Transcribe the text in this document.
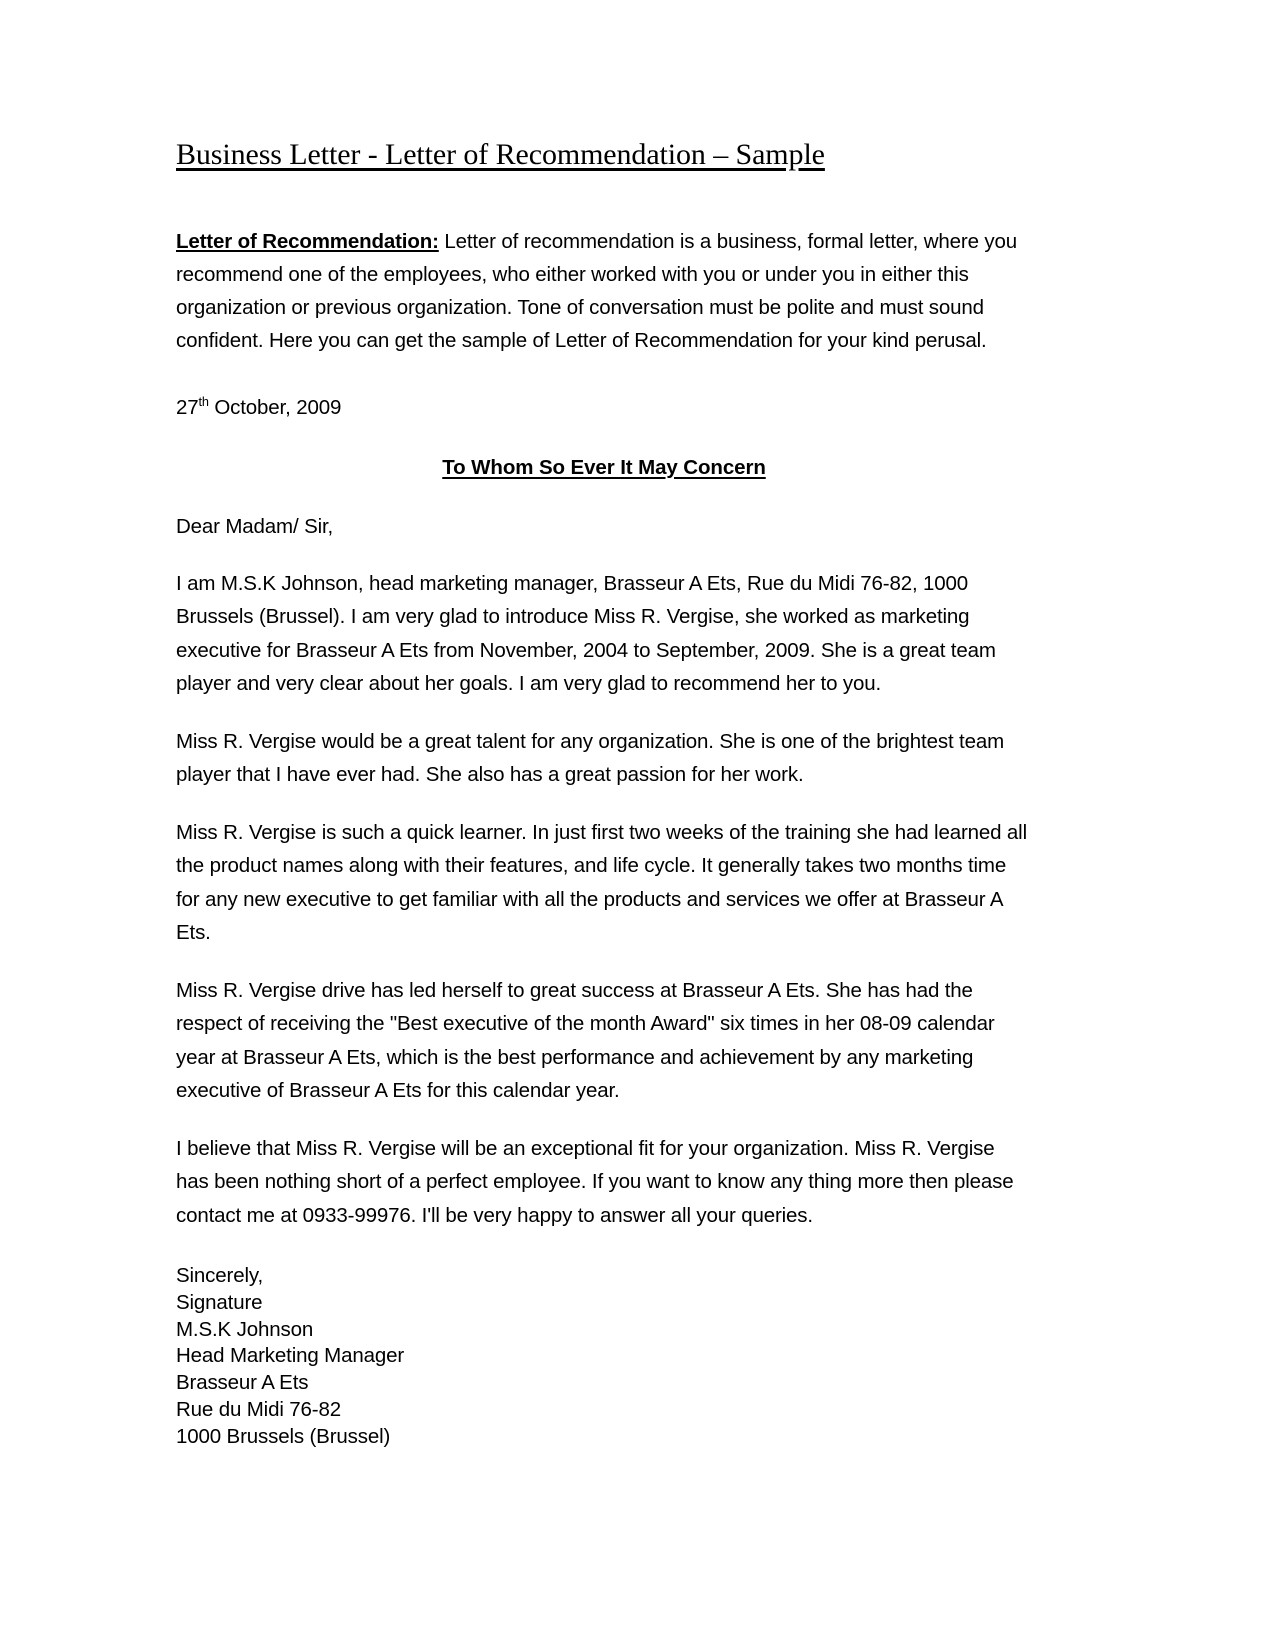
Business Letter - Letter of Recommendation – Sample

Letter of Recommendation: Letter of recommendation is a business, formal letter, where you recommend one of the employees, who either worked with you or under you in either this organization or previous organization. Tone of conversation must be polite and must sound confident. Here you can get the sample of Letter of Recommendation for your kind perusal.

27th October, 2009

To Whom So Ever It May Concern

Dear Madam/ Sir,

I am M.S.K Johnson, head marketing manager, Brasseur A Ets, Rue du Midi 76-82, 1000 Brussels (Brussel). I am very glad to introduce Miss R. Vergise, she worked as marketing executive for Brasseur A Ets from November, 2004 to September, 2009. She is a great team player and very clear about her goals. I am very glad to recommend her to you.

Miss R. Vergise would be a great talent for any organization. She is one of the brightest team player that I have ever had. She also has a great passion for her work.

Miss R. Vergise is such a quick learner. In just first two weeks of the training she had learned all the product names along with their features, and life cycle. It generally takes two months time for any new executive to get familiar with all the products and services we offer at Brasseur A Ets.

Miss R. Vergise drive has led herself to great success at Brasseur A Ets. She has had the respect of receiving the "Best executive of the month Award" six times in her 08-09 calendar year at Brasseur A Ets, which is the best performance and achievement by any marketing executive of Brasseur A Ets for this calendar year.

I believe that Miss R. Vergise will be an exceptional fit for your organization. Miss R. Vergise has been nothing short of a perfect employee. If you want to know any thing more then please contact me at 0933-99976. I'll be very happy to answer all your queries.

Sincerely,
Signature
M.S.K Johnson
Head Marketing Manager
Brasseur A Ets
Rue du Midi 76-82
1000 Brussels (Brussel)
